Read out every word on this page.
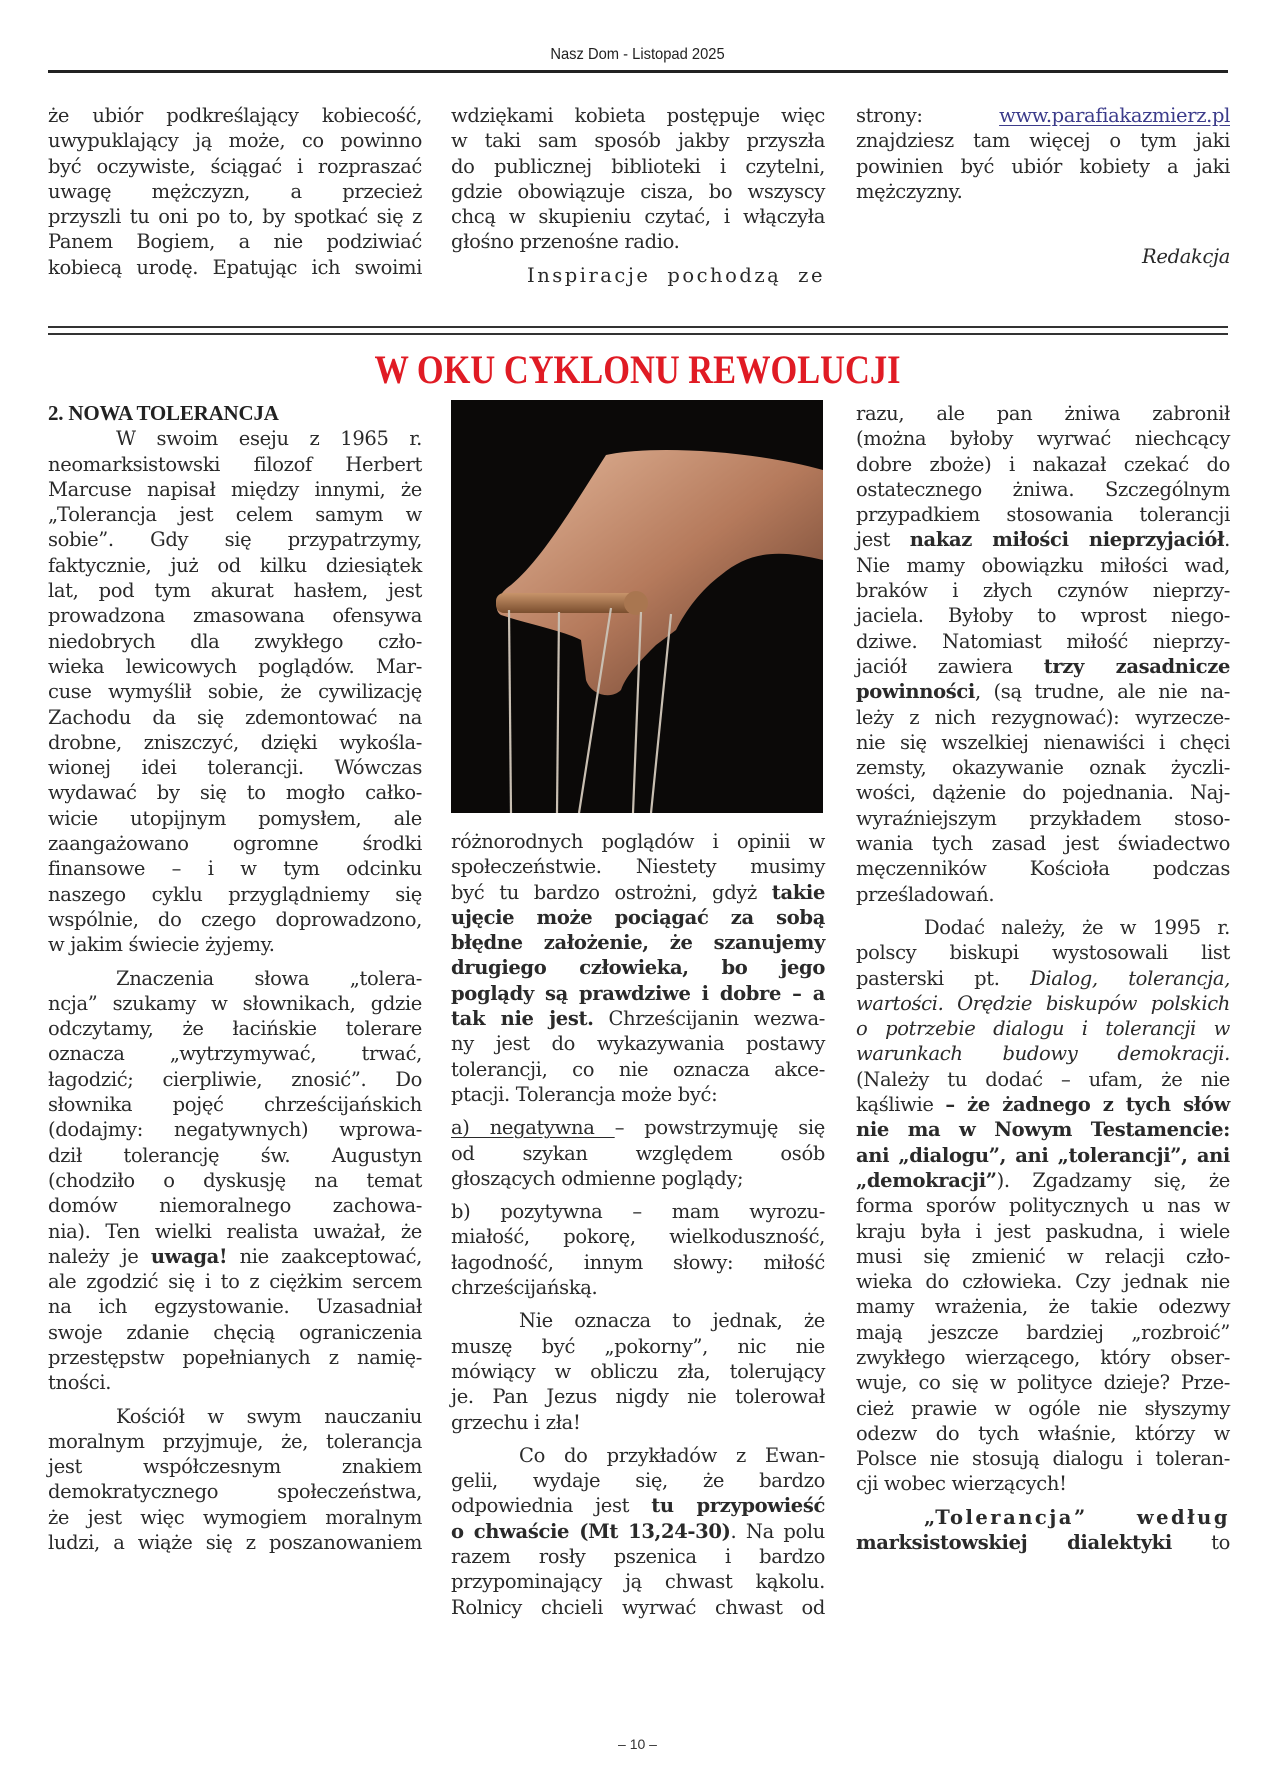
Nasz Dom - Listopad 2025
że ubiór podkreślający kobiecość,
uwypuklający ją może, co powinno
być oczywiste, ściągać i rozpraszać
uwagę mężczyzn, a przecież
przyszli tu oni po to, by spotkać się z
Panem Bogiem, a nie podziwiać
kobiecą urodę. Epatując ich swoimi
wdziękami kobieta postępuje więc
w taki sam sposób jakby przyszła
do publicznej biblioteki i czytelni,
gdzie obowiązuje cisza, bo wszyscy
chcą w skupieniu czytać, i włączyła
głośno przenośne radio.
Inspiracje pochodzą ze
strony:	www.parafiakazmierz.pl
znajdziesz tam więcej o tym jaki
powinien być ubiór kobiety a jaki
mężczyzny.
Redakcja
W OKU CYKLONU REWOLUCJI
2. NOWA TOLERANCJA
W swoim eseju z 1965 r.
neomarksistowski filozof Herbert
Marcuse napisał między innymi, że
„Tolerancja jest celem samym w
sobie”. Gdy się przypatrzymy,
faktycznie, już od kilku dziesiątek
lat, pod tym akurat hasłem, jest
prowadzona zmasowana ofensywa
niedobrych dla zwykłego czło-
wieka lewicowych poglądów. Mar-
cuse wymyślił sobie, że cywilizację
Zachodu da się zdemontować na
drobne, zniszczyć, dzięki wykośla-
wionej idei tolerancji. Wówczas
wydawać by się to mogło całko-
wicie utopijnym pomysłem, ale
zaangażowano ogromne środki
finansowe – i w tym odcinku
naszego cyklu przyglądniemy się
wspólnie, do czego doprowadzono,
w jakim świecie żyjemy.
Znaczenia słowa „tolera-
ncja” szukamy w słownikach, gdzie
odczytamy, że łacińskie tolerare
oznacza „wytrzymywać, trwać,
łagodzić; cierpliwie, znosić”. Do
słownika pojęć chrześcijańskich
(dodajmy: negatywnych) wprowa-
dził tolerancję św. Augustyn
(chodziło o dyskusję na temat
domów niemoralnego zachowa-
nia). Ten wielki realista uważał, że
należy je uwaga! nie zaakceptować,
ale zgodzić się i to z ciężkim sercem
na ich egzystowanie. Uzasadniał
swoje zdanie chęcią ograniczenia
przestępstw popełnianych z namię-
tności.
Kościół w swym nauczaniu
moralnym przyjmuje, że, tolerancja
jest współczesnym znakiem
demokratycznego społeczeństwa,
że jest więc wymogiem moralnym
ludzi, a wiąże się z poszanowaniem
różnorodnych poglądów i opinii w
społeczeństwie. Niestety musimy
być tu bardzo ostrożni, gdyż takie
ujęcie może pociągać za sobą
błędne założenie, że szanujemy
drugiego człowieka, bo jego
poglądy są prawdziwe i dobre – a
tak nie jest. Chrześcijanin wezwa-
ny jest do wykazywania postawy
tolerancji, co nie oznacza akce-
ptacji. Tolerancja może być:
a) negatywna – powstrzymuję się
od szykan względem osób
głoszących odmienne poglądy;
b) pozytywna – mam wyrozu-
miałość, pokorę, wielkoduszność,
łagodność, innym słowy: miłość
chrześcijańską.
Nie oznacza to jednak, że
muszę być „pokorny”, nic nie
mówiący w obliczu zła, tolerujący
je. Pan Jezus nigdy nie tolerował
grzechu i zła!
Co do przykładów z Ewan-
gelii, wydaje się, że bardzo
odpowiednia jest tu przypowieść
o chwaście (Mt 13,24-30). Na polu
razem rosły pszenica i bardzo
przypominający ją chwast kąkolu.
Rolnicy chcieli wyrwać chwast od
razu, ale pan żniwa zabronił
(można byłoby wyrwać niechcący
dobre zboże) i nakazał czekać do
ostatecznego żniwa. Szczególnym
przypadkiem stosowania tolerancji
jest nakaz miłości nieprzyjaciół.
Nie mamy obowiązku miłości wad,
braków i złych czynów nieprzy-
jaciela. Byłoby to wprost niego-
dziwe. Natomiast miłość nieprzy-
jaciół zawiera trzy zasadnicze
powinności, (są trudne, ale nie na-
leży z nich rezygnować): wyrzecze-
nie się wszelkiej nienawiści i chęci
zemsty, okazywanie oznak życzli-
wości, dążenie do pojednania. Naj-
wyraźniejszym przykładem stoso-
wania tych zasad jest świadectwo
męczenników Kościoła podczas
prześladowań.
Dodać należy, że w 1995 r.
polscy biskupi wystosowali list
pasterski pt. Dialog, tolerancja,
wartości. Orędzie biskupów polskich
o potrzebie dialogu i tolerancji w
warunkach budowy demokracji.
(Należy tu dodać – ufam, że nie
kąśliwie – że żadnego z tych słów
nie ma w Nowym Testamencie:
ani „dialogu”, ani „tolerancji”, ani
„demokracji”). Zgadzamy się, że
forma sporów politycznych u nas w
kraju była i jest paskudna, i wiele
musi się zmienić w relacji czło-
wieka do człowieka. Czy jednak nie
mamy wrażenia, że takie odezwy
mają jeszcze bardziej „rozbroić”
zwykłego wierzącego, który obser-
wuje, co się w polityce dzieje? Prze-
cież prawie w ogóle nie słyszymy
odezw do tych właśnie, którzy w
Polsce nie stosują dialogu i toleran-
cji wobec wierzących!
„Tolerancja” według
marksistowskiej dialektyki to
– 10 –
